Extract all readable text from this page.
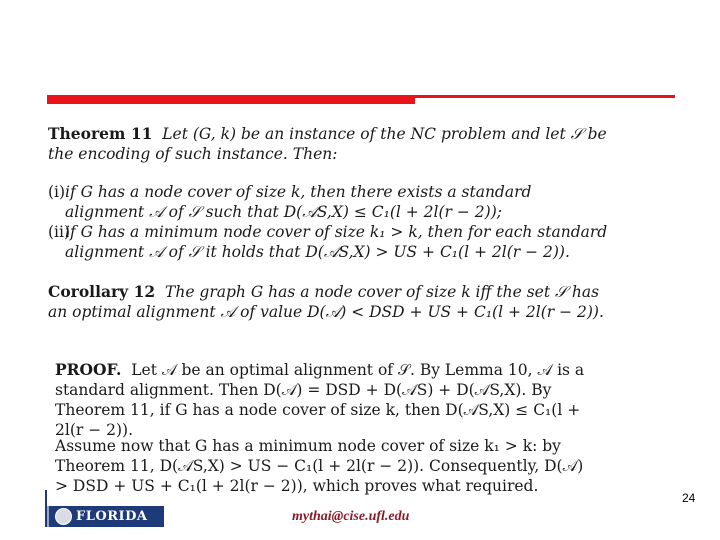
Theorem 11 Let (G, k) be an instance of the NC problem and let 𝒮 be the encoding of such instance. Then:

(i) if G has a node cover of size k, then there exists a standard alignment 𝒜 of 𝒮 such that D(𝒜S,X) ≤ C₁(l + 2l(r − 2));

(ii)
if G has a minimum node cover of size k₁ > k, then for each standard alignment 𝒜 of 𝒮 it holds that D(𝒜S,X) > US + C₁(l + 2l(r − 2)).

Corollary 12 The graph G has a node cover of size k iff the set 𝒮 has an optimal alignment 𝒜 of value D(𝒜) < DSD + US + C₁(l + 2l(r − 2)).

PROOF. Let 𝒜 be an optimal alignment of 𝒮. By Lemma 10, 𝒜 is a standard alignment. Then D(𝒜) = DSD + D(𝒜S) + D(𝒜S,X). By Theorem 11, if G has a node cover of size k, then D(𝒜S,X) ≤ C₁(l + 2l(r − 2)).

Assume now that G has a minimum node cover of size k₁ > k: by Theorem 11, D(𝒜S,X) > US − C₁(l + 2l(r − 2)). Consequently, D(𝒜) > DSD + US + C₁(l + 2l(r − 2)), which proves what required.

24
FLORIDA	mythai@cise.ufl.edu
